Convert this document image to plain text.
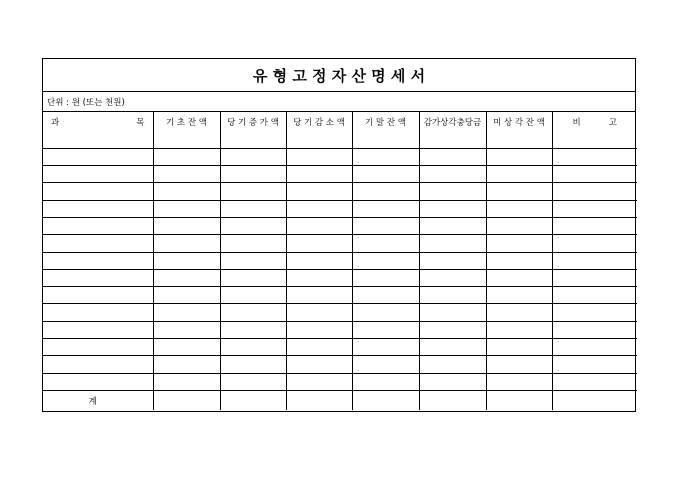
유 형 고 정 자 산 명 세 서
단위 : 원 (또는 천원)
과 목	기 초 잔 액	당 기 증 가 액	당 기 감 소 액	기 말 잔 액	감가상각충당금	미 상 각 잔 액	비 고

계							
